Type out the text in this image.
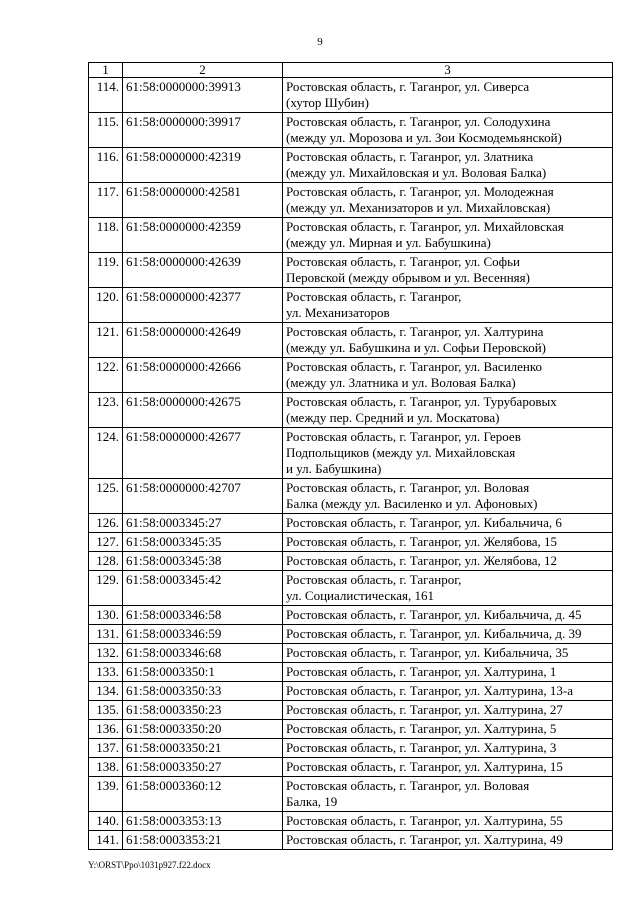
9
1	2	3
114.	61:58:0000000:39913	Ростовская область, г. Таганрог, ул. Сиверса
(хутор Шубин)

115.	61:58:0000000:39917	Ростовская область, г. Таганрог, ул. Солодухина
(между ул. Морозова и ул. Зои Космодемьянской)

116.	61:58:0000000:42319	Ростовская область, г. Таганрог, ул. Златника
(между ул. Михайловская и ул. Воловая Балка)

117.	61:58:0000000:42581	Ростовская область, г. Таганрог, ул. Молодежная
(между ул. Механизаторов и ул. Михайловская)

118.	61:58:0000000:42359	Ростовская область, г. Таганрог, ул. Михайловская
(между ул. Мирная и ул. Бабушкина)

119.	61:58:0000000:42639	Ростовская область, г. Таганрог, ул. Софьи
Перовской (между обрывом и ул. Весенняя)

120.	61:58:0000000:42377	Ростовская область, г. Таганрог,
ул. Механизаторов

121.	61:58:0000000:42649	Ростовская область, г. Таганрог, ул. Халтурина
(между ул. Бабушкина и ул. Софьи Перовской)

122.	61:58:0000000:42666	Ростовская область, г. Таганрог, ул. Василенко
(между ул. Златника и ул. Воловая Балка)

123.	61:58:0000000:42675	Ростовская область, г. Таганрог, ул. Турубаровых
(между пер. Средний и ул. Москатова)

124.	61:58:0000000:42677	Ростовская область, г. Таганрог, ул. Героев
Подпольщиков (между ул. Михайловская
и ул. Бабушкина)

125.	61:58:0000000:42707	Ростовская область, г. Таганрог, ул. Воловая
Балка (между ул. Василенко и ул. Афоновых)

126.	61:58:0003345:27	Ростовская область, г. Таганрог, ул. Кибальчича, 6

127.	61:58:0003345:35	Ростовская область, г. Таганрог, ул. Желябова, 15

128.	61:58:0003345:38	Ростовская область, г. Таганрог, ул. Желябова, 12

129.	61:58:0003345:42	Ростовская область, г. Таганрог,
ул. Социалистическая, 161

130.	61:58:0003346:58	Ростовская область, г. Таганрог, ул. Кибальчича, д. 45

131.	61:58:0003346:59	Ростовская область, г. Таганрог, ул. Кибальчича, д. 39

132.	61:58:0003346:68	Ростовская область, г. Таганрог, ул. Кибальчича, 35

133.	61:58:0003350:1	Ростовская область, г. Таганрог, ул. Халтурина, 1

134.	61:58:0003350:33	Ростовская область, г. Таганрог, ул. Халтурина, 13-а

135.	61:58:0003350:23	Ростовская область, г. Таганрог, ул. Халтурина, 27

136.	61:58:0003350:20	Ростовская область, г. Таганрог, ул. Халтурина, 5

137.	61:58:0003350:21	Ростовская область, г. Таганрог, ул. Халтурина, 3

138.	61:58:0003350:27	Ростовская область, г. Таганрог, ул. Халтурина, 15

139.	61:58:0003360:12	Ростовская область, г. Таганрог, ул. Воловая
Балка, 19

140.	61:58:0003353:13	Ростовская область, г. Таганрог, ул. Халтурина, 55

141.	61:58:0003353:21	Ростовская область, г. Таганрог, ул. Халтурина, 49
Y:\ORST\Ppo\1031p927.f22.docx
